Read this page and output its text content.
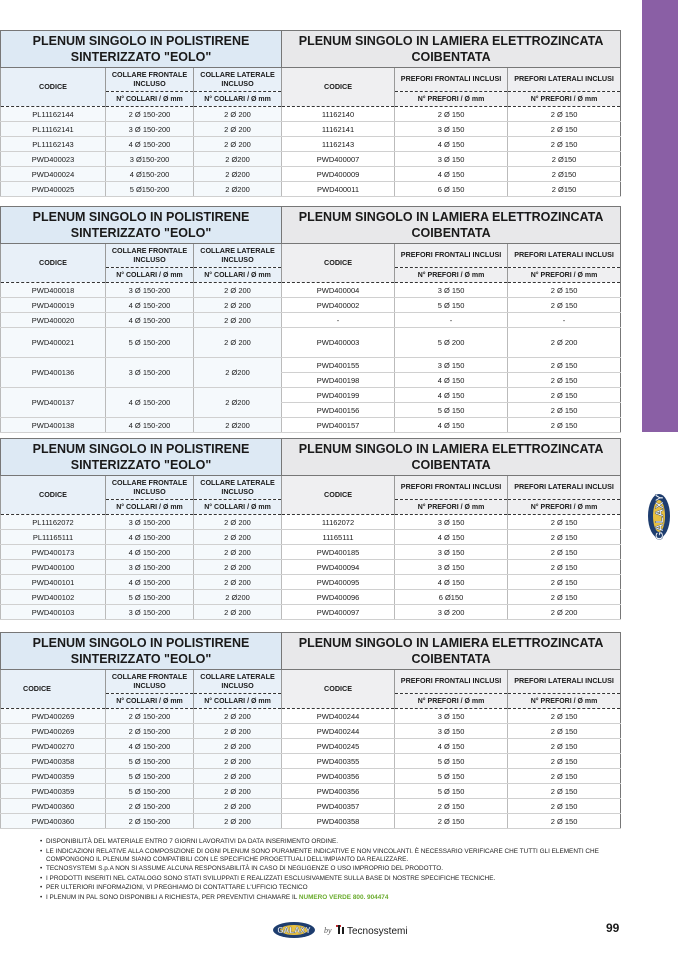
GALAXY
PLENUM SINGOLO IN POLISTIRENE SINTERIZZATO "EOLO"			PLENUM SINGOLO IN LAMIERA ELETTROZINCATA COIBENTATA		
CODICE	COLLARE FRONTALE INCLUSO	COLLARE LATERALE INCLUSO	CODICE	PREFORI FRONTALI INCLUSI	PREFORI LATERALI INCLUSI
	N° COLLARI / Ø mm	N° COLLARI / Ø mm		N° PREFORI / Ø mm	N° PREFORI / Ø mm
PL11162144	2 Ø 150-200	2 Ø 200	11162140	2 Ø 150	2 Ø 150
PL11162141	3 Ø 150-200	2 Ø 200	11162141	3 Ø 150	2 Ø 150
PL11162143	4 Ø 150-200	2 Ø 200	11162143	4 Ø 150	2 Ø 150
PWD400023	3 Ø150-200	2 Ø200	PWD400007	3 Ø 150	2 Ø150
PWD400024	4 Ø150-200	2 Ø200	PWD400009	4 Ø 150	2 Ø150
PWD400025	5 Ø150-200	2 Ø200	PWD400011	6 Ø 150	2 Ø150
PLENUM SINGOLO IN POLISTIRENE SINTERIZZATO "EOLO"			PLENUM SINGOLO IN LAMIERA ELETTROZINCATA COIBENTATA		
CODICE	COLLARE FRONTALE INCLUSO	COLLARE LATERALE INCLUSO	CODICE	PREFORI FRONTALI INCLUSI	PREFORI LATERALI INCLUSI
	N° COLLARI / Ø mm	N° COLLARI / Ø mm		N° PREFORI / Ø mm	N° PREFORI / Ø mm
PWD400018	3 Ø 150-200	2 Ø 200	PWD400004	3 Ø 150	2 Ø 150
PWD400019	4 Ø 150-200	2 Ø 200	PWD400002	5 Ø 150	2 Ø 150
PWD400020	4 Ø 150-200	2 Ø 200	-	-	-
PWD400021	5 Ø 150-200	2 Ø 200	PWD400003	5 Ø 200	2 Ø 200
PWD400136	3 Ø 150-200	2 Ø200	PWD400155	3 Ø 150	2 Ø 150
			PWD400198	4 Ø 150	2 Ø 150
PWD400137	4 Ø 150-200	2 Ø200	PWD400199	4 Ø 150	2 Ø 150
			PWD400156	5 Ø 150	2 Ø 150
PWD400138	4 Ø 150-200	2 Ø200	PWD400157	4 Ø 150	2 Ø 150
PLENUM SINGOLO IN POLISTIRENE SINTERIZZATO "EOLO"			PLENUM SINGOLO IN LAMIERA ELETTROZINCATA COIBENTATA		
CODICE	COLLARE FRONTALE INCLUSO	COLLARE LATERALE INCLUSO	CODICE	PREFORI FRONTALI INCLUSI	PREFORI LATERALI INCLUSI
	N° COLLARI / Ø mm	N° COLLARI / Ø mm		N° PREFORI / Ø mm	N° PREFORI / Ø mm
PL11162072	3 Ø 150-200	2 Ø 200	11162072	3 Ø 150	2 Ø 150
PL11165111	4 Ø 150-200	2 Ø 200	11165111	4 Ø 150	2 Ø 150
PWD400173	4 Ø 150-200	2 Ø 200	PWD400185	3 Ø 150	2 Ø 150
PWD400100	3 Ø 150-200	2 Ø 200	PWD400094	3 Ø 150	2 Ø 150
PWD400101	4 Ø 150-200	2 Ø 200	PWD400095	4 Ø 150	2 Ø 150
PWD400102	5 Ø 150-200	2 Ø200	PWD400096	6 Ø150	2 Ø 150
PWD400103	3 Ø 150-200	2 Ø 200	PWD400097	3 Ø 200	2 Ø 200
PLENUM SINGOLO IN POLISTIRENE SINTERIZZATO "EOLO"			PLENUM SINGOLO IN LAMIERA ELETTROZINCATA COIBENTATA		
CODICE	COLLARE FRONTALE INCLUSO	COLLARE LATERALE INCLUSO	CODICE	PREFORI FRONTALI INCLUSI	PREFORI LATERALI INCLUSI
	N° COLLARI / Ø mm	N° COLLARI / Ø mm		N° PREFORI / Ø mm	N° PREFORI / Ø mm
PWD400269	2 Ø 150-200	2 Ø 200	PWD400244	3 Ø 150	2 Ø 150
PWD400269	2 Ø 150-200	2 Ø 200	PWD400244	3 Ø 150	2 Ø 150
PWD400270	4 Ø 150-200	2 Ø 200	PWD400245	4 Ø 150	2 Ø 150
PWD400358	5 Ø 150-200	2 Ø 200	PWD400355	5 Ø 150	2 Ø 150
PWD400359	5 Ø 150-200	2 Ø 200	PWD400356	5 Ø 150	2 Ø 150
PWD400359	5 Ø 150-200	2 Ø 200	PWD400356	5 Ø 150	2 Ø 150
PWD400360	2 Ø 150-200	2 Ø 200	PWD400357	2 Ø 150	2 Ø 150
PWD400360	2 Ø 150-200	2 Ø 200	PWD400358	2 Ø 150	2 Ø 150
• DISPONIBILITÀ DEL MATERIALE ENTRO 7 GIORNI LAVORATIVI DA DATA INSERIMENTO ORDINE.
• LE INDICAZIONI RELATIVE ALLA COMPOSIZIONE DI OGNI PLENUM SONO PURAMENTE INDICATIVE E NON VINCOLANTI. È NECESSARIO VERIFICARE CHE TUTTI GLI ELEMENTI CHE COMPONGONO IL PLENUM SIANO COMPATIBILI CON LE SPECIFICHE PROGETTUALI DELL'IMPIANTO DA REALIZZARE.
• TECNOSYSTEMI S.p.A NON SI ASSUME ALCUNA RESPONSABILITÀ IN CASO DI NEGLIGENZE O USO IMPROPRIO DEL PRODOTTO.
• I PRODOTTI INSERITI NEL CATALOGO SONO STATI SVILUPPATI E REALIZZATI ESCLUSIVAMENTE SULLA BASE DI NOSTRE SPECIFICHE TECNICHE.
• PER ULTERIORI INFORMAZIONI, VI PREGHIAMO DI CONTATTARE L'UFFICIO TECNICO
• I PLENUM IN PAL SONO DISPONIBILI A RICHIESTA, PER PREVENTIVI CHIAMARE IL NUMERO VERDE 800. 904474
GALAXY by Tecnosystemi	99
